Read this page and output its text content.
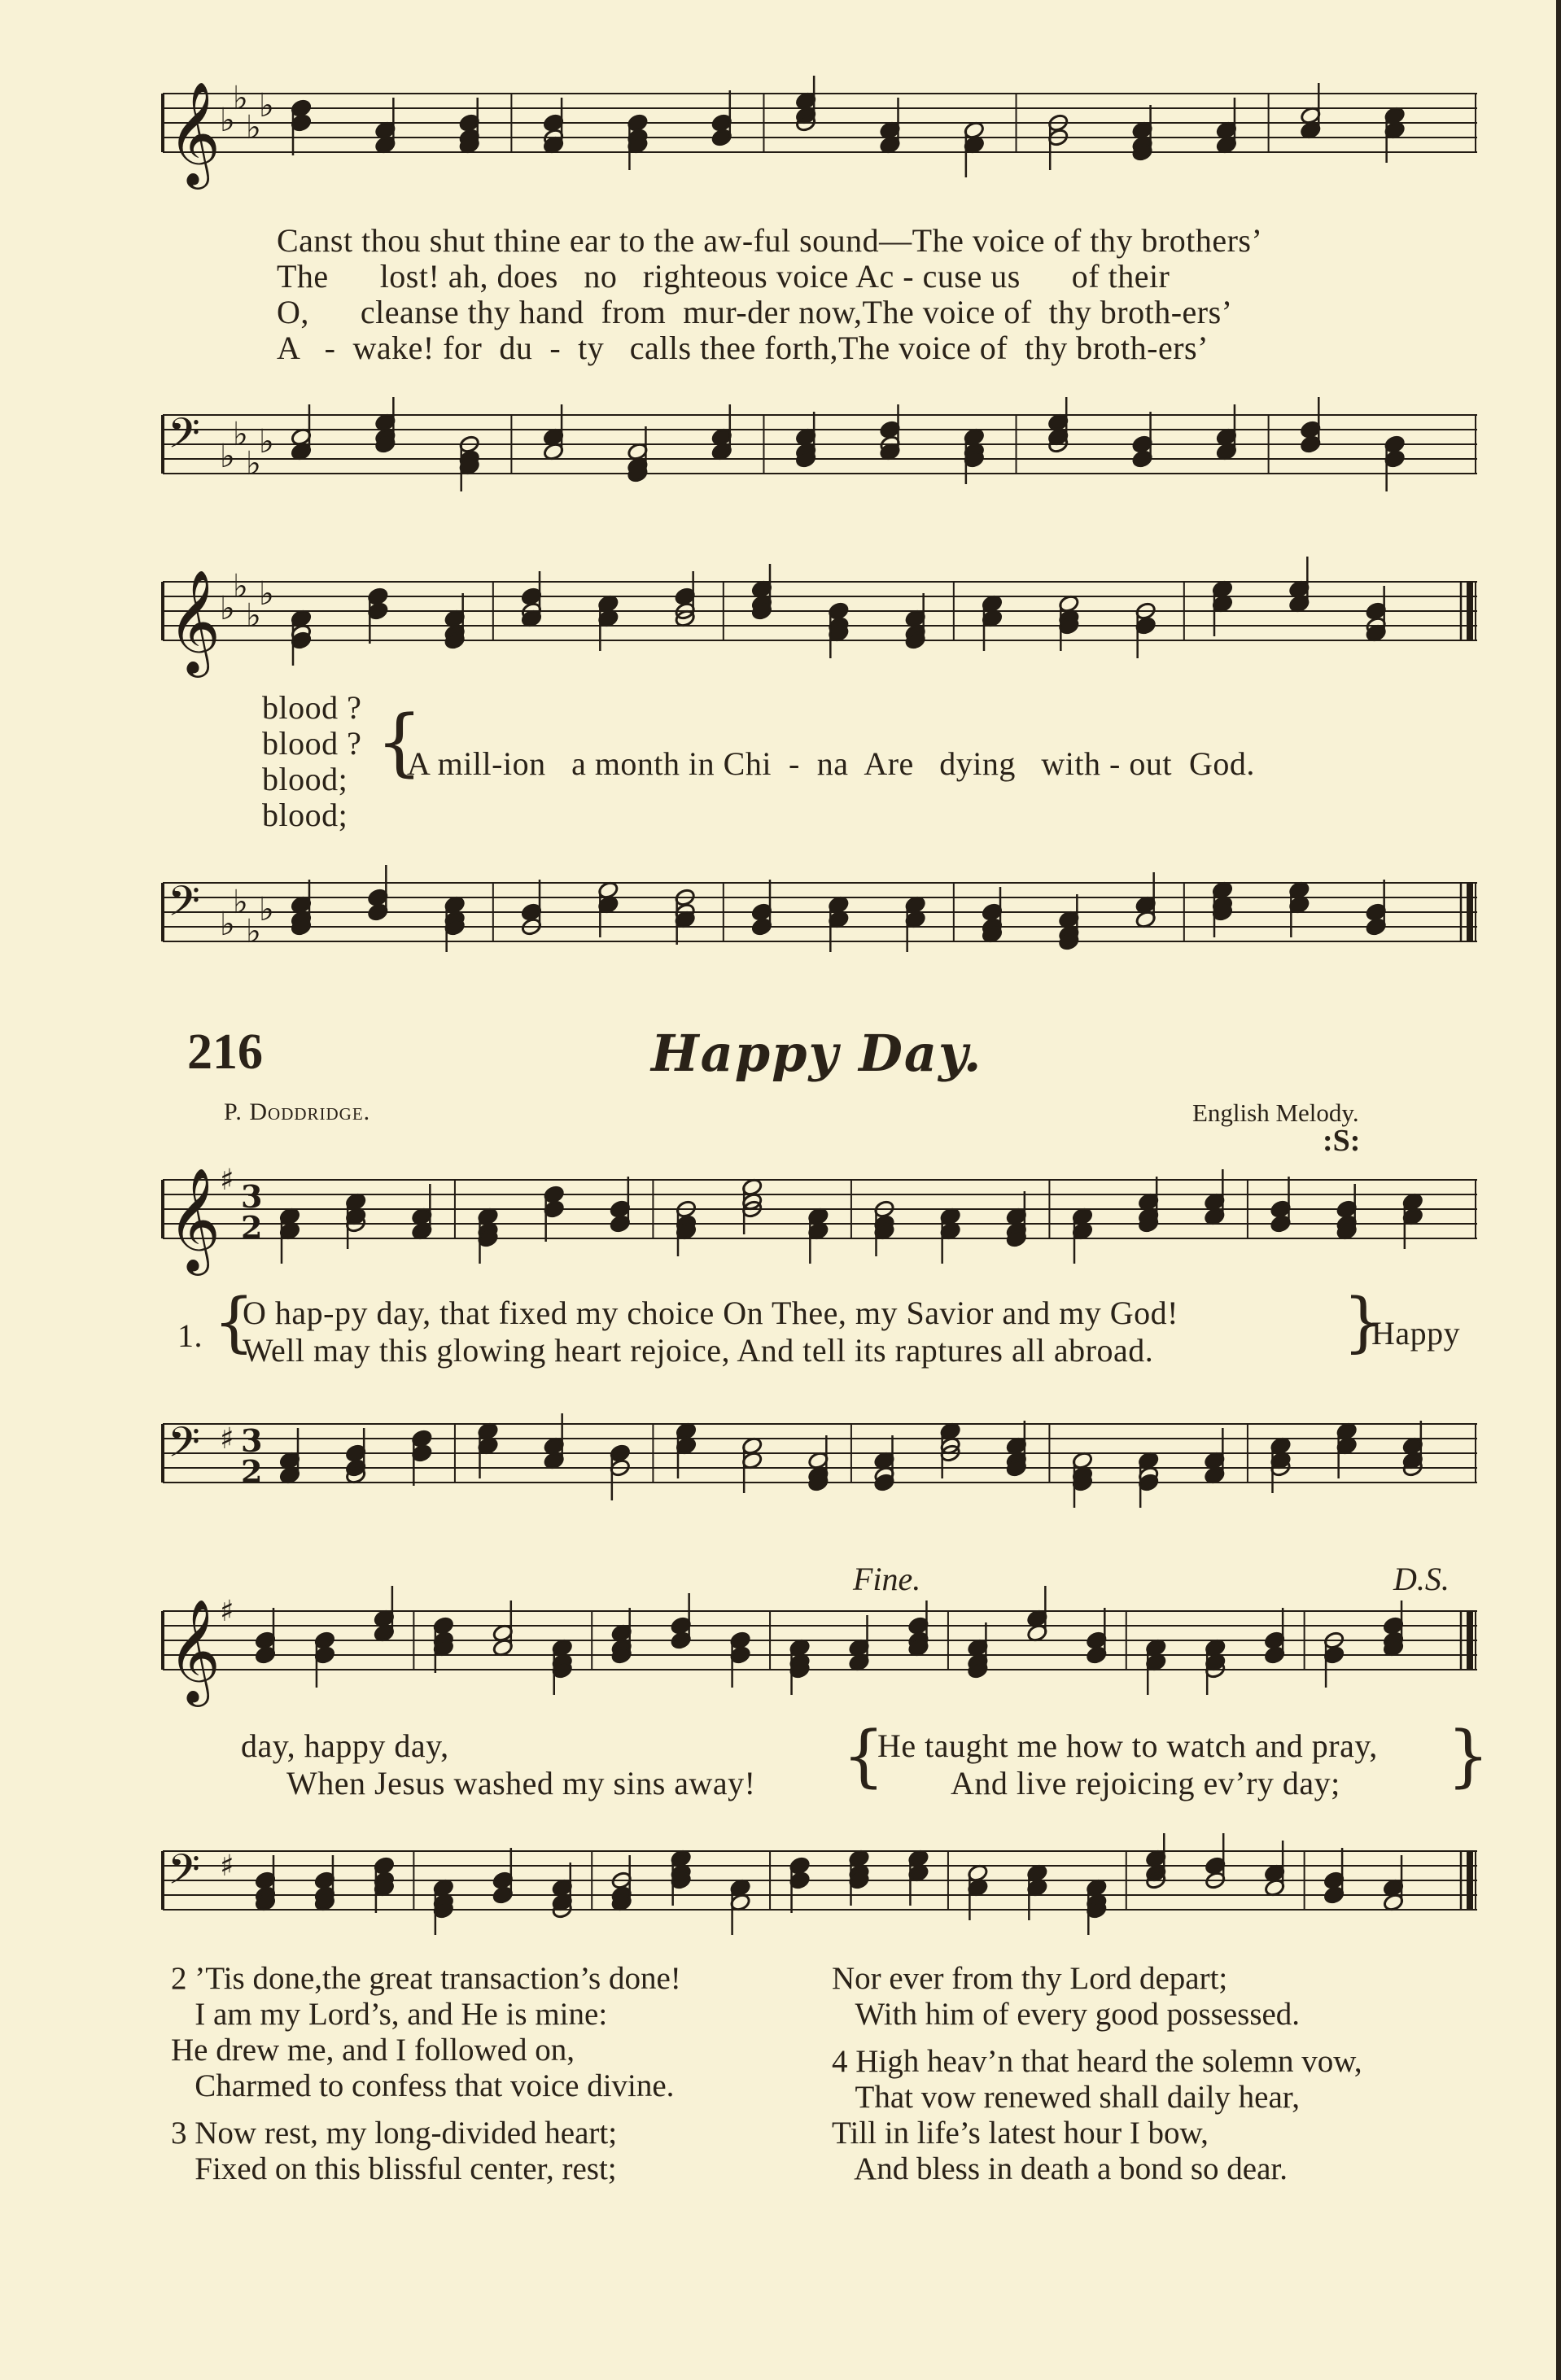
𝄞
♭
♭
♭
♭
Canst thou shut thine ear to the aw-ful sound—The voice of thy brothers’
The      lost! ah, does   no   righteous voice Ac - cuse us      of their
O,      cleanse thy hand  from  mur-der now,The voice of  thy broth-ers’
A   -  wake! for  du  -  ty   calls thee forth,The voice of  thy broth-ers’
𝄢 ♭
♭
♭
♭
𝄞
♭
♭
♭
♭
blood ?
blood ?
blood;
blood;
{
A mill-ion   a month in Chi  -  na  Are   dying   with - out  God.
𝄢 ♭
♭
♭
♭
216	Happy Day.
P. Doddridge.	English Melody.
:S:
𝄞
♯ 3
2
1. {
O hap-py day, that fixed my choice On Thee, my Savior and my God!
Well may this glowing heart rejoice, And tell its raptures all abroad.	}
Happy
𝄢 ♯ 3
2
Fine.	D.S.
𝄞
♯
day, happy day,
When Jesus washed my sins away! {
He taught me how to watch and pray,
And live rejoicing ev’ry day; }
𝄢 ♯
2 ’Tis done,the great transaction’s done!
I am my Lord’s, and He is mine:
He drew me, and I followed on,
Charmed to confess that voice divine.
3 Now rest, my long-divided heart;
Fixed on this blissful center, rest;
Nor ever from thy Lord depart;
With him of every good possessed.
4 High heav’n that heard the solemn vow,
That vow renewed shall daily hear,
Till in life’s latest hour I bow,
And bless in death a bond so dear.
